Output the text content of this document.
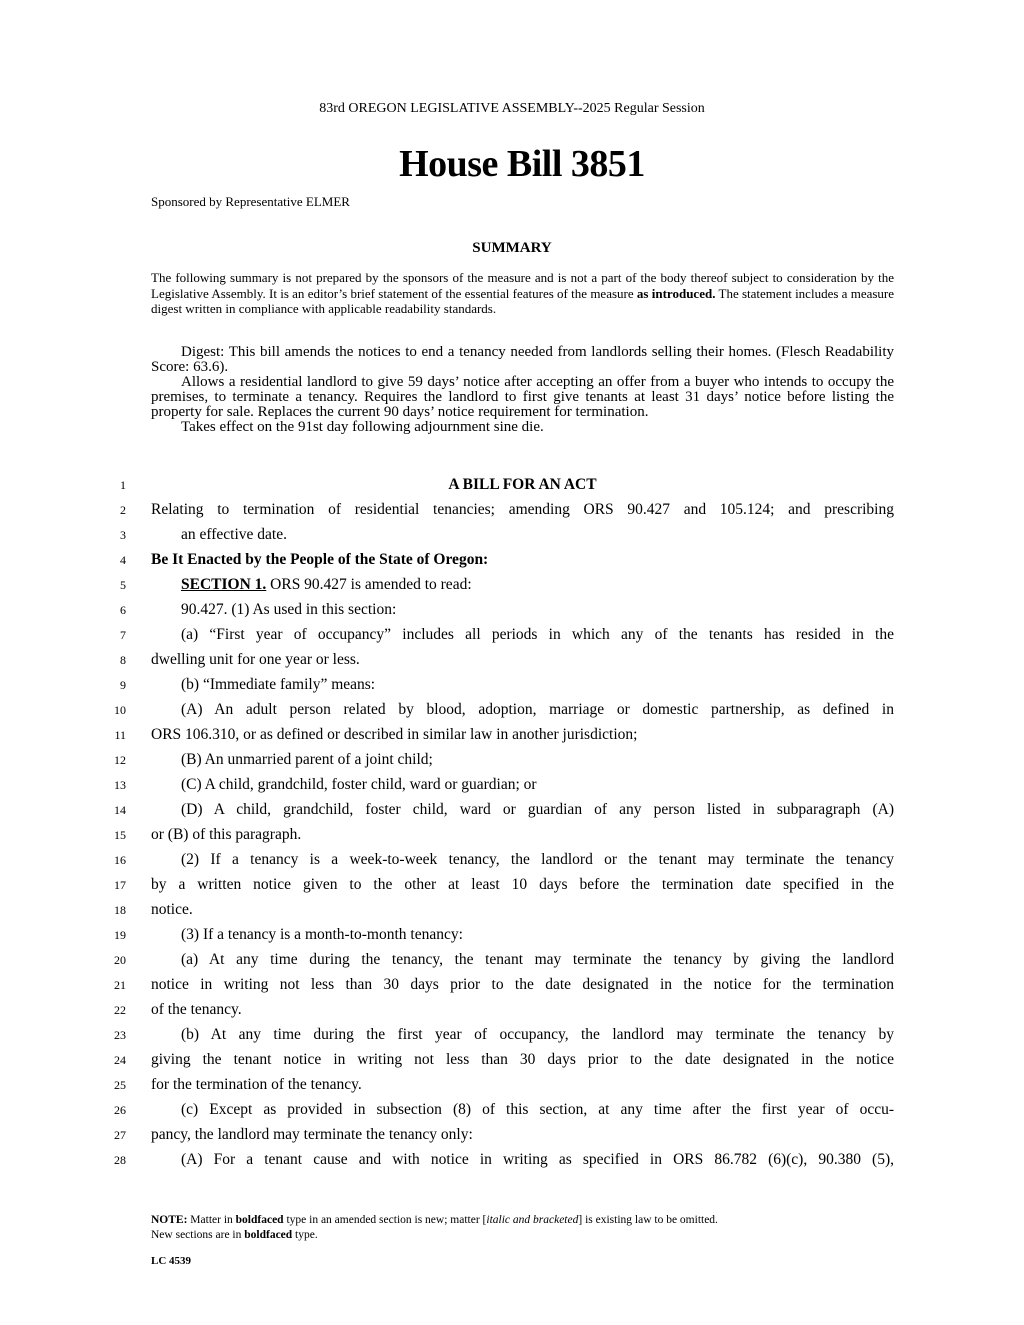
83rd OREGON LEGISLATIVE ASSEMBLY--2025 Regular Session
House Bill 3851
Sponsored by Representative ELMER
SUMMARY

The following summary is not prepared by the sponsors of the measure and is not a part of the body thereof subject to consideration by the Legislative Assembly. It is an editor’s brief statement of the essential features of the measure as introduced. The statement includes a measure digest written in compliance with applicable readability standards.

Digest: This bill amends the notices to end a tenancy needed from landlords selling their homes. (Flesch Readability Score: 63.6).

Allows a residential landlord to give 59 days’ notice after accepting an offer from a buyer who intends to occupy the premises, to terminate a tenancy. Requires the landlord to first give tenants at least 31 days’ notice before listing the property for sale. Replaces the current 90 days’ notice requirement for termination.

Takes effect on the 91st day following adjournment sine die.

1
2
3
4
5
6
7
8
9
10
11
12
13
14
15
16
17
18
19
20
21
22
23
24
25
26
27
28
A BILL FOR AN ACT
Relating to termination of residential tenancies; amending ORS 90.427 and 105.124; and prescribing
an effective date.
Be It Enacted by the People of the State of Oregon:
SECTION 1. ORS 90.427 is amended to read:
90.427. (1) As used in this section:
(a) “First year of occupancy” includes all periods in which any of the tenants has resided in the
dwelling unit for one year or less.
(b) “Immediate family” means:
(A) An adult person related by blood, adoption, marriage or domestic partnership, as defined in
ORS 106.310, or as defined or described in similar law in another jurisdiction;
(B) An unmarried parent of a joint child;
(C) A child, grandchild, foster child, ward or guardian; or
(D) A child, grandchild, foster child, ward or guardian of any person listed in subparagraph (A)
or (B) of this paragraph.
(2) If a tenancy is a week-to-week tenancy, the landlord or the tenant may terminate the tenancy
by a written notice given to the other at least 10 days before the termination date specified in the
notice.
(3) If a tenancy is a month-to-month tenancy:
(a) At any time during the tenancy, the tenant may terminate the tenancy by giving the landlord
notice in writing not less than 30 days prior to the date designated in the notice for the termination
of the tenancy.
(b) At any time during the first year of occupancy, the landlord may terminate the tenancy by
giving the tenant notice in writing not less than 30 days prior to the date designated in the notice
for the termination of the tenancy.
(c) Except as provided in subsection (8) of this section, at any time after the first year of occu-
pancy, the landlord may terminate the tenancy only:
(A) For a tenant cause and with notice in writing as specified in ORS 86.782 (6)(c), 90.380 (5),
NOTE: Matter in boldfaced type in an amended section is new; matter [italic and bracketed] is existing law to be omitted.
New sections are in boldfaced type.
LC 4539
